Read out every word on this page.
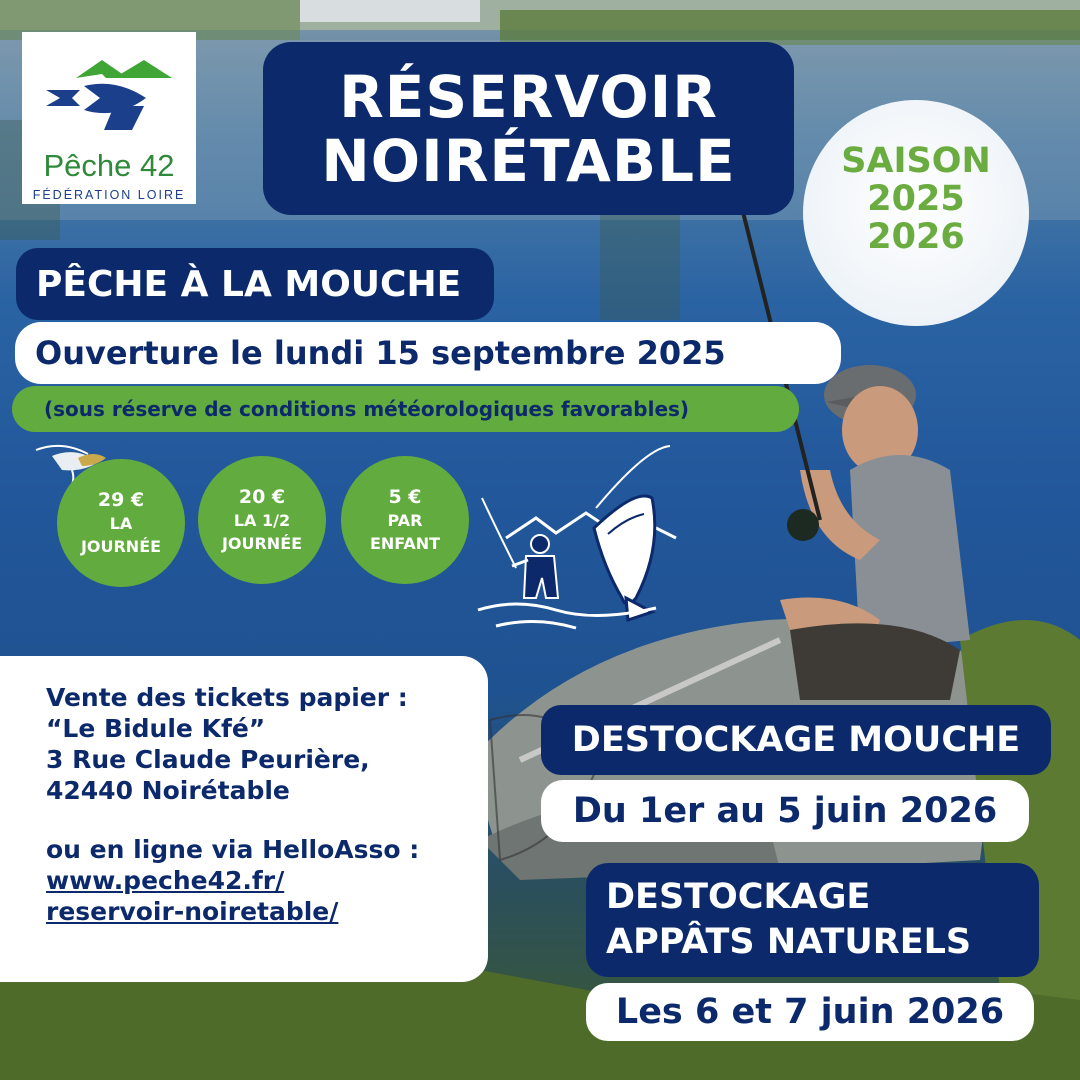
Pêche 42
FÉDÉRATION LOIRE
RÉSERVOIR
NOIRÉTABLE	SAISON
2025
2026
PÊCHE À LA MOUCHE
Ouverture le lundi 15 septembre 2025
(sous réserve de conditions météorologiques favorables)
29 €
LA
JOURNÉE
20 €
LA 1/2
JOURNÉE
5 €
PAR
ENFANT
Vente des tickets papier :
“Le Bidule Kfé”
3 Rue Claude Peurière,
42440 Noirétable
ou en ligne via HelloAsso :
www.peche42.fr/
reservoir-noiretable/
DESTOCKAGE MOUCHE
Du 1er au 5 juin 2026
DESTOCKAGE
APPÂTS NATURELS
Les 6 et 7 juin 2026
